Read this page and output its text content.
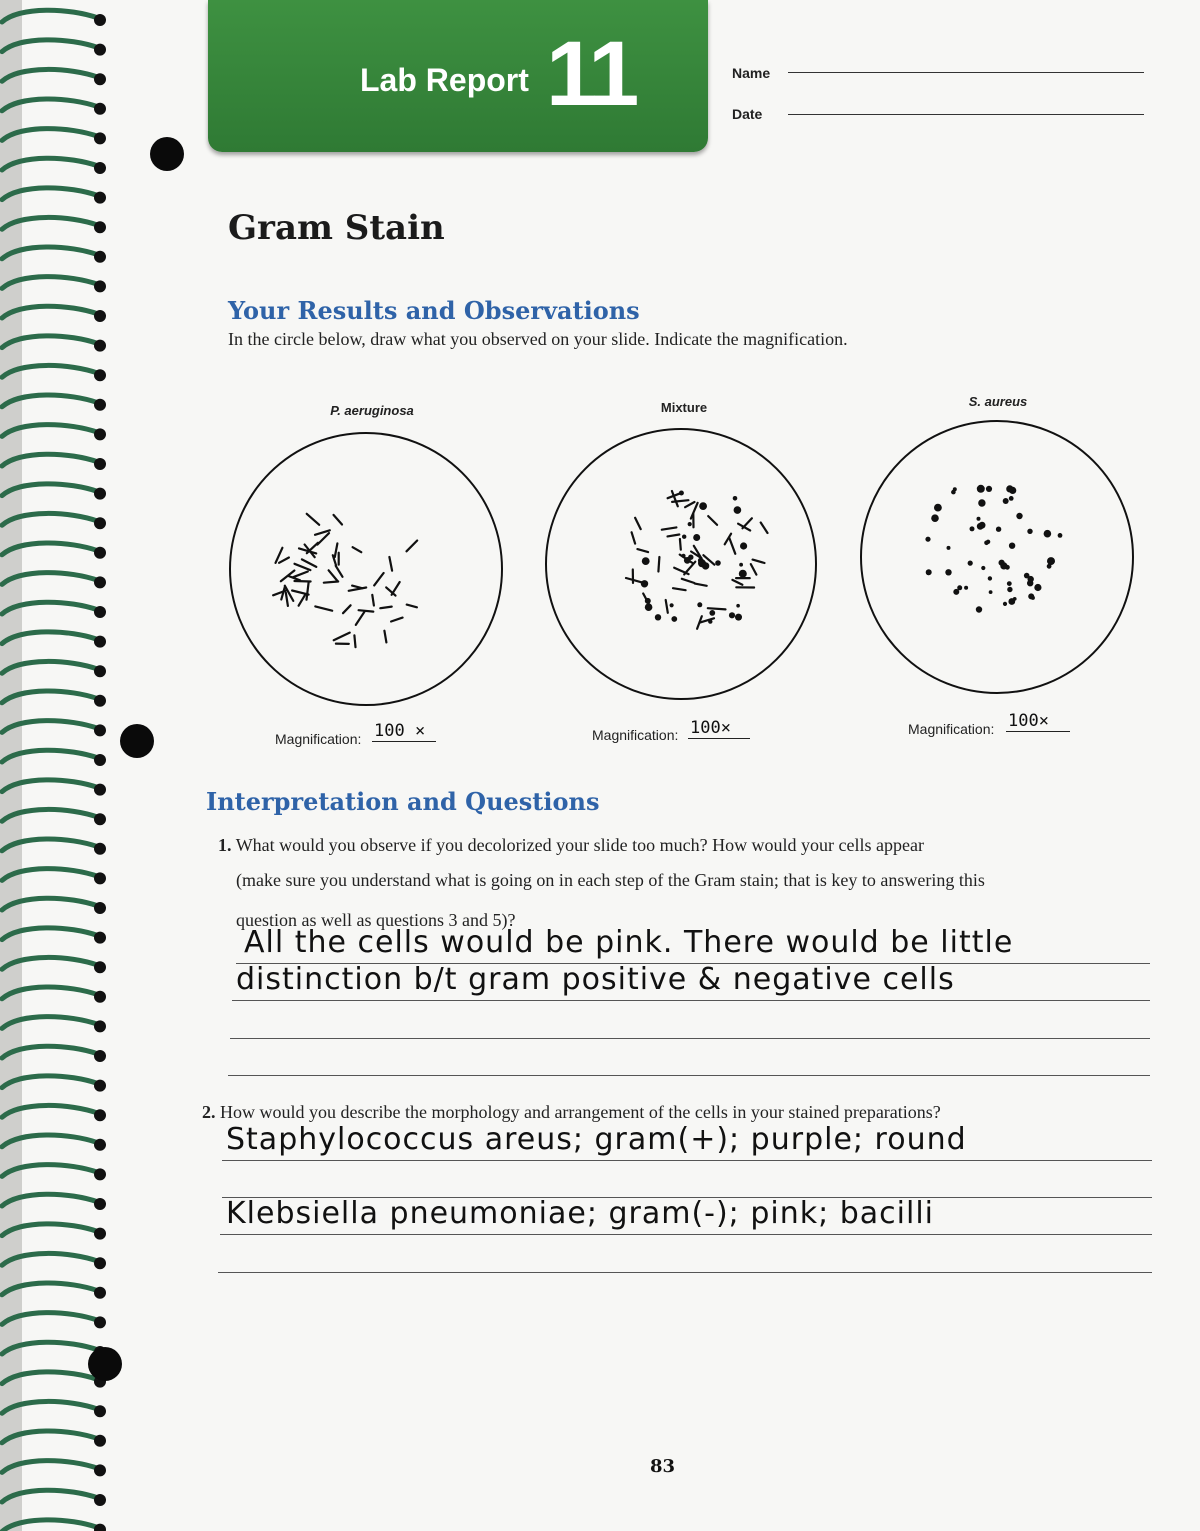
Lab Report 11	Name
Date
Gram Stain
Your Results and Observations
In the circle below, draw what you observed on your slide. Indicate the magnification.
P. aeruginosa	Mixture	S. aureus
Magnification: 100 ×	Magnification: 100×	Magnification: 100×
Interpretation and Questions
1. What would you observe if you decolorized your slide too much? How would your cells appear
(make sure you understand what is going on in each step of the Gram stain; that is key to answering this
question as well as questions 3 and 5)?
All the cells would be pink. There would be little
distinction b/t gram positive & negative cells
2. How would you describe the morphology and arrangement of the cells in your stained preparations?
Staphylococcus areus; gram(+); purple; round
Klebsiella pneumoniae; gram(-); pink; bacilli
83
